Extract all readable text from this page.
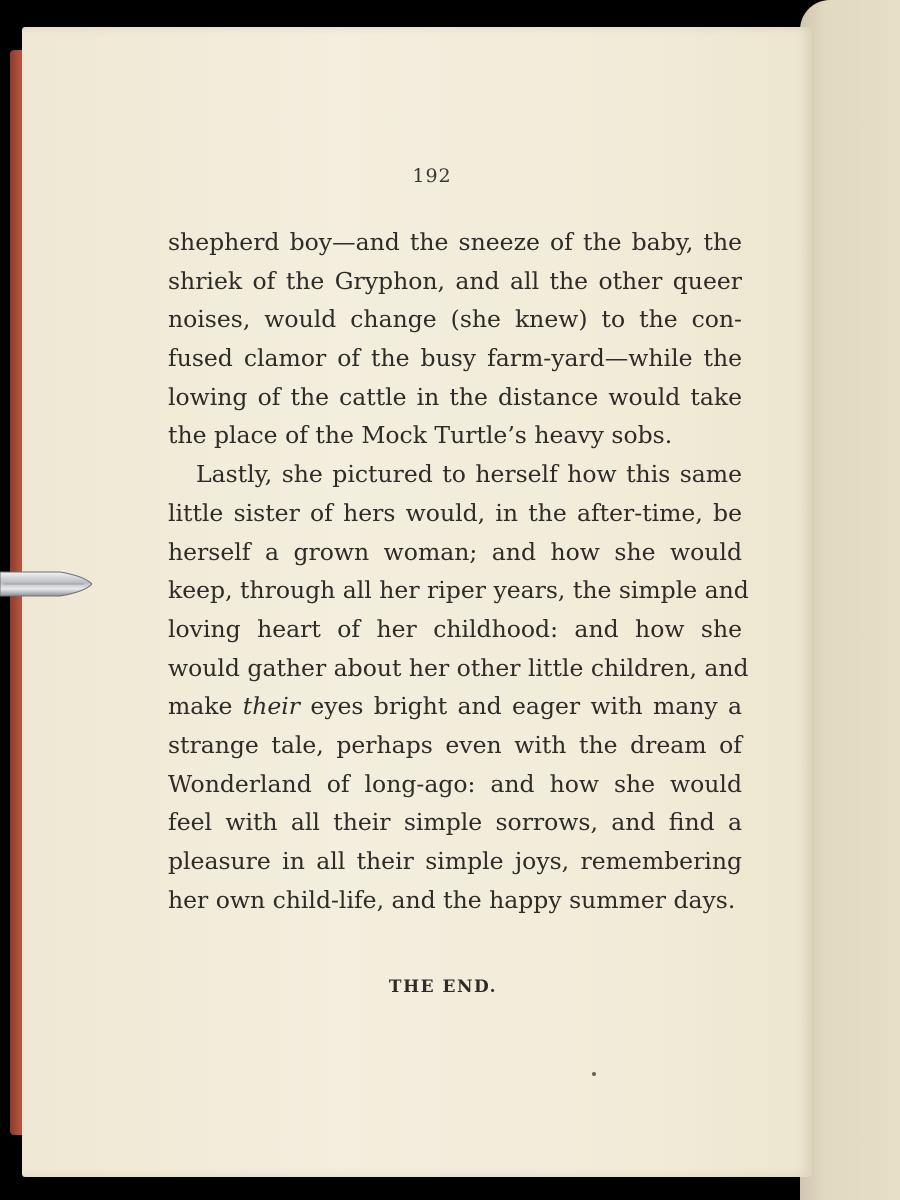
192
shepherd boy—and the sneeze of the baby, the
shriek of the Gryphon, and all the other queer
noises, would change (she knew) to the con-
fused clamor of the busy farm-yard—while the
lowing of the cattle in the distance would take
the place of the Mock Turtle’s heavy sobs.
Lastly, she pictured to herself how this same
little sister of hers would, in the after-time, be
herself a grown woman; and how she would
keep, through all her riper years, the simple and
loving heart of her childhood: and how she
would gather about her other little children, and
make their eyes bright and eager with many a
strange tale, perhaps even with the dream of
Wonderland of long-ago: and how she would
feel with all their simple sorrows, and find a
pleasure in all their simple joys, remembering
her own child-life, and the happy summer days.
THE END.
